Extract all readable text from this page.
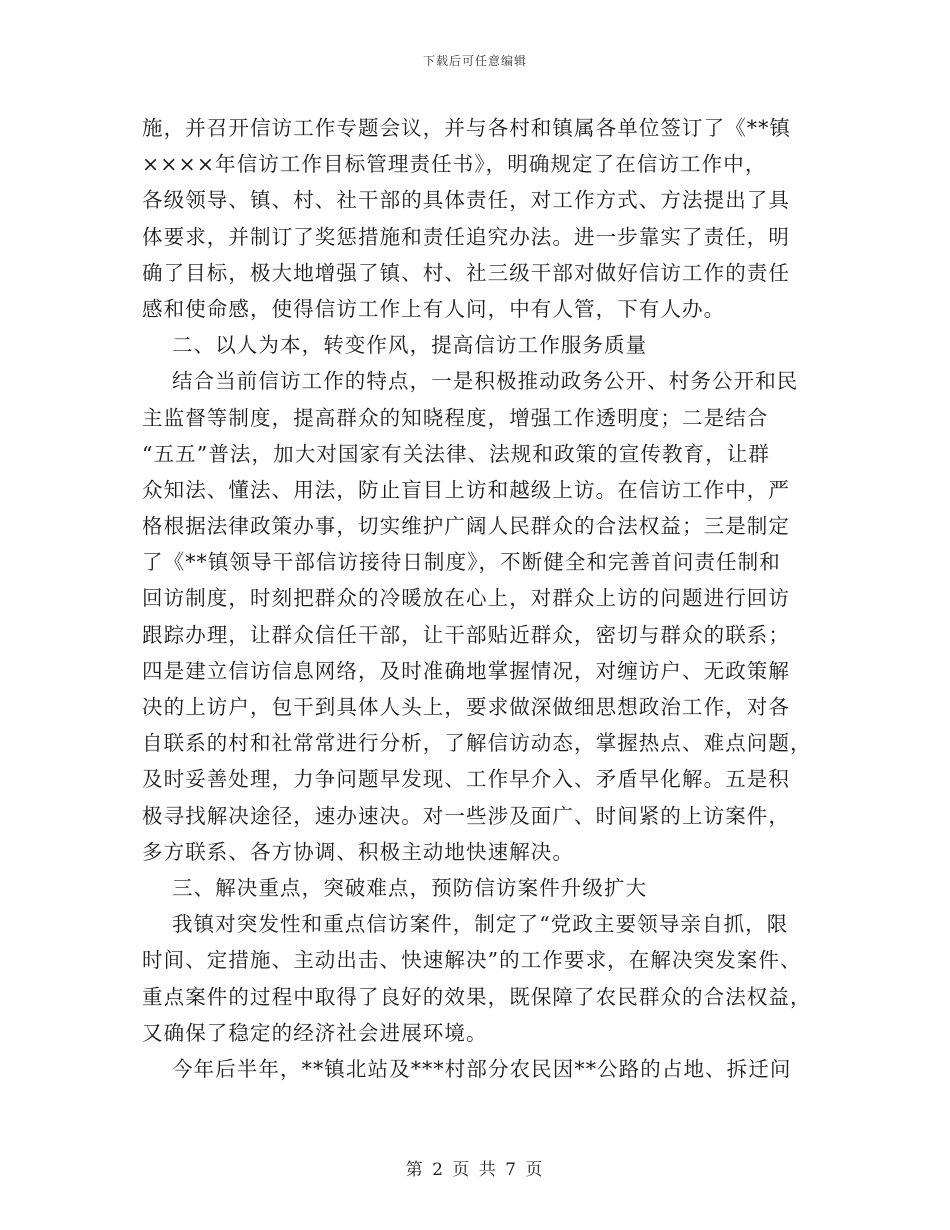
下载后可任意编辑
施，并召开信访工作专题会议，并与各村和镇属各单位签订了《**镇
××××年信访工作目标管理责任书》，明确规定了在信访工作中，
各级领导、镇、村、社干部的具体责任，对工作方式、方法提出了具
体要求，并制订了奖惩措施和责任追究办法。进一步靠实了责任，明
确了目标，极大地增强了镇、村、社三级干部对做好信访工作的责任
感和使命感，使得信访工作上有人问，中有人管，下有人办。
二、以人为本，转变作风，提高信访工作服务质量
结合当前信访工作的特点，一是积极推动政务公开、村务公开和民
主监督等制度，提高群众的知晓程度，增强工作透明度；二是结合
“五五”普法，加大对国家有关法律、法规和政策的宣传教育，让群
众知法、懂法、用法，防止盲目上访和越级上访。在信访工作中，严
格根据法律政策办事，切实维护广阔人民群众的合法权益；三是制定
了《**镇领导干部信访接待日制度》，不断健全和完善首问责任制和
回访制度，时刻把群众的冷暖放在心上，对群众上访的问题进行回访
跟踪办理，让群众信任干部，让干部贴近群众，密切与群众的联系；
四是建立信访信息网络，及时准确地掌握情况，对缠访户、无政策解
决的上访户，包干到具体人头上，要求做深做细思想政治工作，对各
自联系的村和社常常进行分析，了解信访动态，掌握热点、难点问题，
及时妥善处理，力争问题早发现、工作早介入、矛盾早化解。五是积
极寻找解决途径，速办速决。对一些涉及面广、时间紧的上访案件，
多方联系、各方协调、积极主动地快速解决。
三、解决重点，突破难点，预防信访案件升级扩大
我镇对突发性和重点信访案件，制定了“党政主要领导亲自抓，限
时间、定措施、主动出击、快速解决”的工作要求，在解决突发案件、
重点案件的过程中取得了良好的效果，既保障了农民群众的合法权益，
又确保了稳定的经济社会进展环境。
今年后半年，**镇北站及***村部分农民因**公路的占地、拆迁问
第 2 页 共 7 页
